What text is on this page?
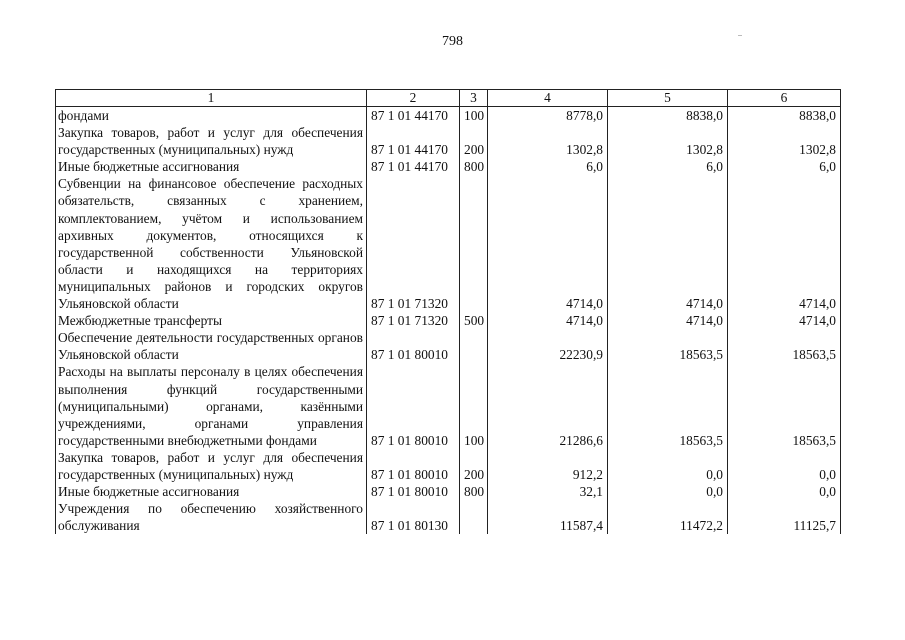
798
1	2	3	4	5	6
фондами	87 1 01 44170	100	8778,0	8838,0	8838,0
Закупка товаров, работ и услуг для обеспечения государственных (муниципальных) нужд	87 1 01 44170	200	1302,8	1302,8	1302,8
Иные бюджетные ассигнования	87 1 01 44170	800	6,0	6,0	6,0
Субвенции на финансовое обеспечение расходных обязательств, связанных с хранением, комплектованием, учётом и использованием архивных документов, относящихся к государственной собственности Ульяновской области и находящихся на территориях муниципальных районов и городских округов Ульяновской области	87 1 01 71320		4714,0	4714,0	4714,0
Межбюджетные трансферты	87 1 01 71320	500	4714,0	4714,0	4714,0
Обеспечение деятельности государственных органов Ульяновской области	87 1 01 80010		22230,9	18563,5	18563,5
Расходы на выплаты персоналу в целях обеспечения выполнения функций государственными (муниципальными) органами, казёнными учреждениями, органами управления государственными внебюджетными фондами	87 1 01 80010	100	21286,6	18563,5	18563,5
Закупка товаров, работ и услуг для обеспечения государственных (муниципальных) нужд	87 1 01 80010	200	912,2	0,0	0,0
Иные бюджетные ассигнования	87 1 01 80010	800	32,1	0,0	0,0
Учреждения по обеспечению хозяйственного обслуживания	87 1 01 80130		11587,4	11472,2	11125,7
